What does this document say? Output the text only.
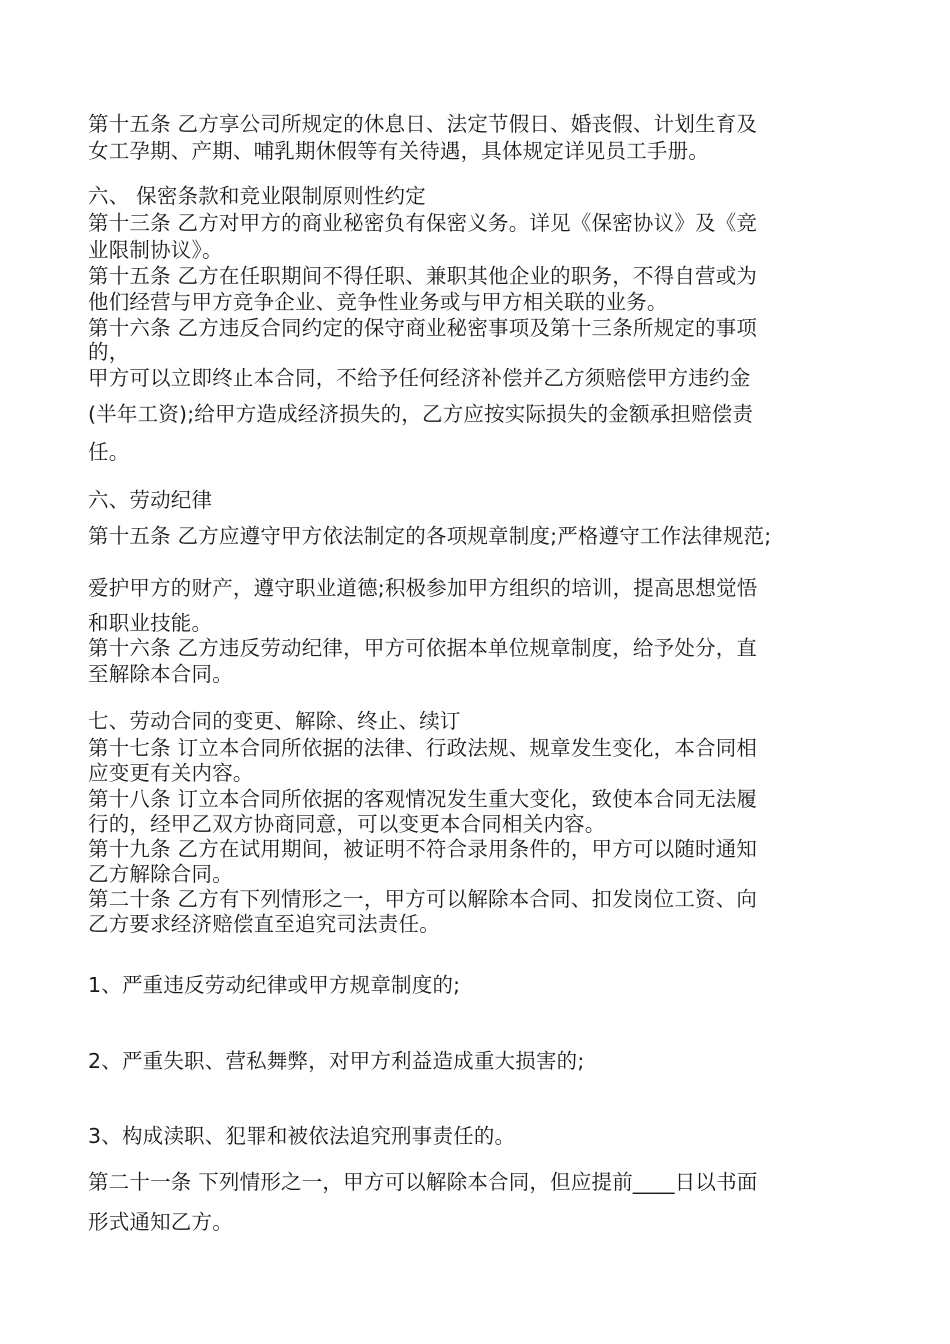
第十五条 乙方享公司所规定的休息日、法定节假日、婚丧假、计划生育及
女工孕期、产期、哺乳期休假等有关待遇，具体规定详见员工手册。
六、 保密条款和竞业限制原则性约定
第十三条 乙方对甲方的商业秘密负有保密义务。详见《保密协议》及《竞
业限制协议》。
第十五条 乙方在任职期间不得任职、兼职其他企业的职务，不得自营或为
他们经营与甲方竞争企业、竞争性业务或与甲方相关联的业务。
第十六条 乙方违反合同约定的保守商业秘密事项及第十三条所规定的事项
的，
甲方可以立即终止本合同，不给予任何经济补偿并乙方须赔偿甲方违约金
(半年工资);给甲方造成经济损失的，乙方应按实际损失的金额承担赔偿责
任。
六、劳动纪律
第十五条 乙方应遵守甲方依法制定的各项规章制度;严格遵守工作法律规范;
爱护甲方的财产，遵守职业道德;积极参加甲方组织的培训，提高思想觉悟
和职业技能。
第十六条 乙方违反劳动纪律，甲方可依据本单位规章制度，给予处分，直
至解除本合同。
七、劳动合同的变更、解除、终止、续订
第十七条 订立本合同所依据的法律、行政法规、规章发生变化，本合同相
应变更有关内容。
第十八条 订立本合同所依据的客观情况发生重大变化，致使本合同无法履
行的，经甲乙双方协商同意，可以变更本合同相关内容。
第十九条 乙方在试用期间，被证明不符合录用条件的，甲方可以随时通知
乙方解除合同。
第二十条 乙方有下列情形之一，甲方可以解除本合同、扣发岗位工资、向
乙方要求经济赔偿直至追究司法责任。
1、严重违反劳动纪律或甲方规章制度的;
2、严重失职、营私舞弊，对甲方利益造成重大损害的;
3、构成渎职、犯罪和被依法追究刑事责任的。
第二十一条 下列情形之一，甲方可以解除本合同，但应提前____日以书面
形式通知乙方。
